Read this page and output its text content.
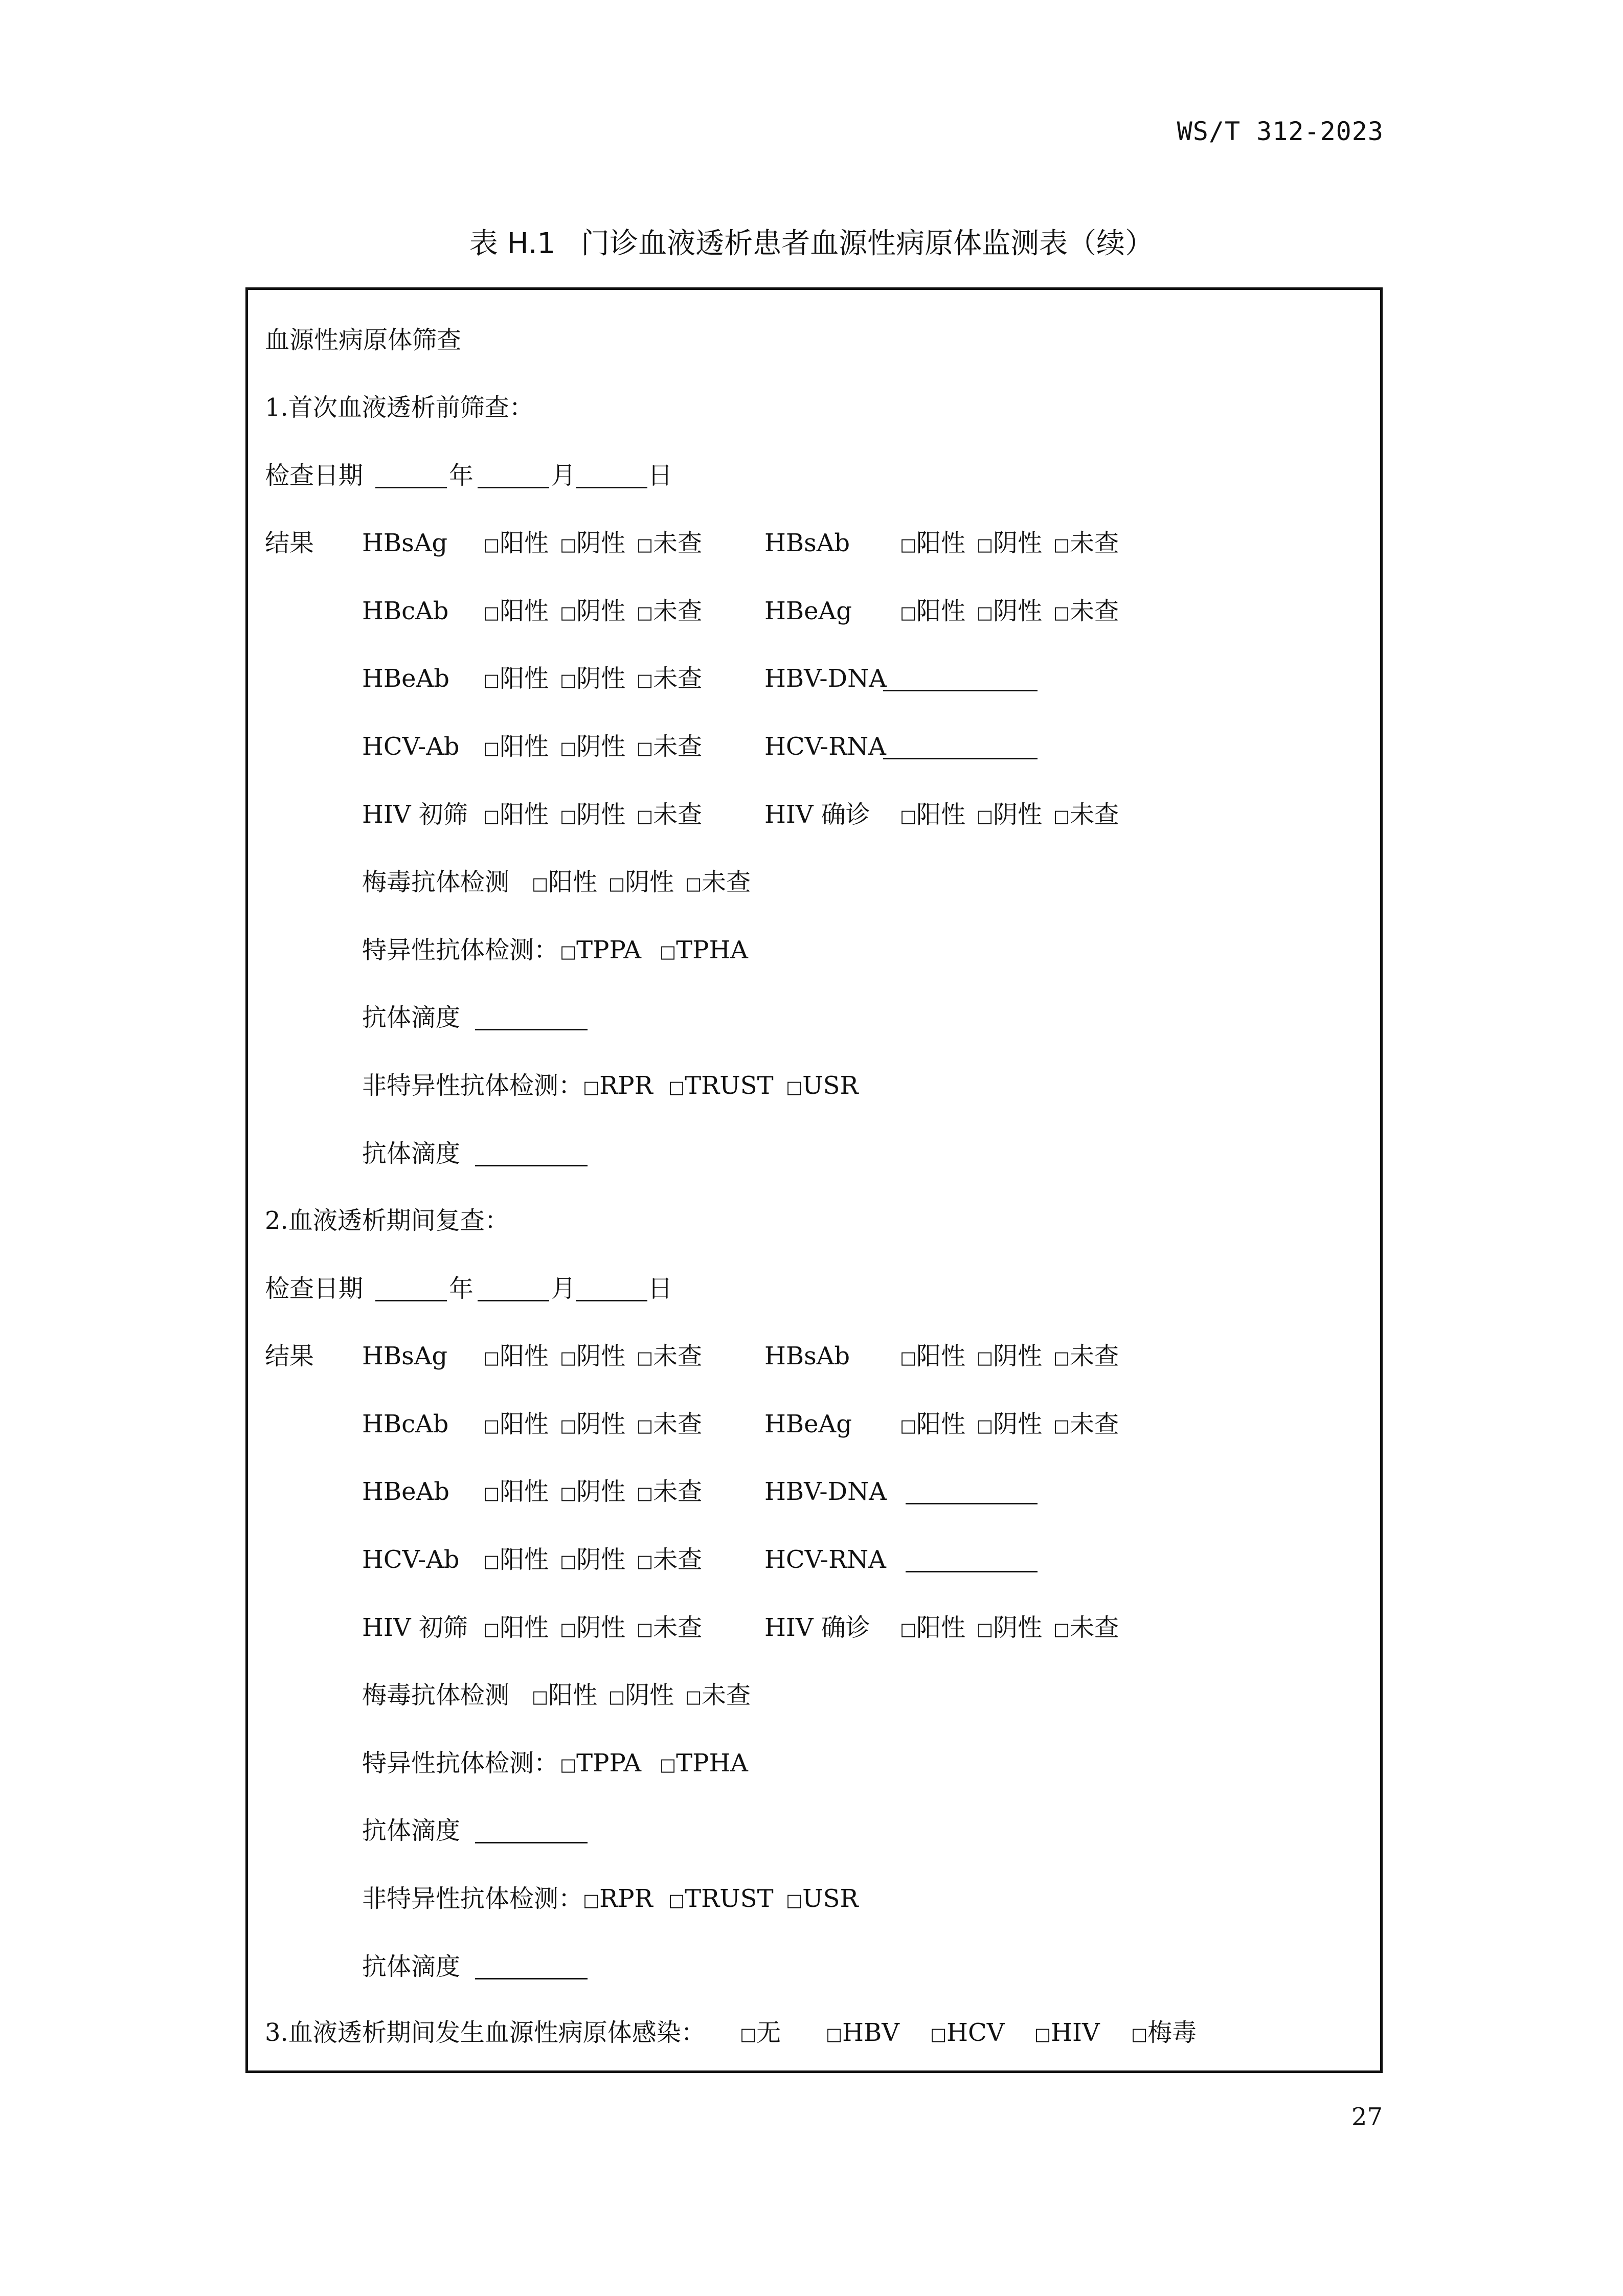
WS/T 312-2023
表 H.1 门诊血液透析患者血源性病原体监测表（续）
血源性病原体筛查
1.首次血液透析前筛查：
检查日期	年	月	日
结果 HBsAg □阳性 □阴性 □未查	HBsAb	□阳性 □阴性 □未查
HBcAb □阳性 □阴性 □未查	HBeAg	□阳性 □阴性 □未查
HBeAb □阳性 □阴性 □未查	HBV-DNA
HCV-Ab □阳性 □阴性 □未查	HCV-RNA
HIV 初筛 □阳性 □阴性 □未查	HIV 确诊 □阳性 □阴性 □未查
梅毒抗体检测 □阳性 □阴性 □未查
特异性抗体检测： □TPPA □TPHA
抗体滴度
非特异性抗体检测： □RPR □TRUST □USR
抗体滴度
2.血液透析期间复查：
检查日期	年	月	日
结果 HBsAg □阳性 □阴性 □未查	HBsAb	□阳性 □阴性 □未查
HBcAb □阳性 □阴性 □未查	HBeAg	□阳性 □阴性 □未查
HBeAb □阳性 □阴性 □未查	HBV-DNA
HCV-Ab □阳性 □阴性 □未查	HCV-RNA
HIV 初筛 □阳性 □阴性 □未查	HIV 确诊 □阳性 □阴性 □未查
梅毒抗体检测 □阳性 □阴性 □未查
特异性抗体检测： □TPPA □TPHA
抗体滴度
非特异性抗体检测： □RPR □TRUST □USR
抗体滴度
3.血液透析期间发生血源性病原体感染： □无	□HBV □HCV □HIV □梅毒
27
